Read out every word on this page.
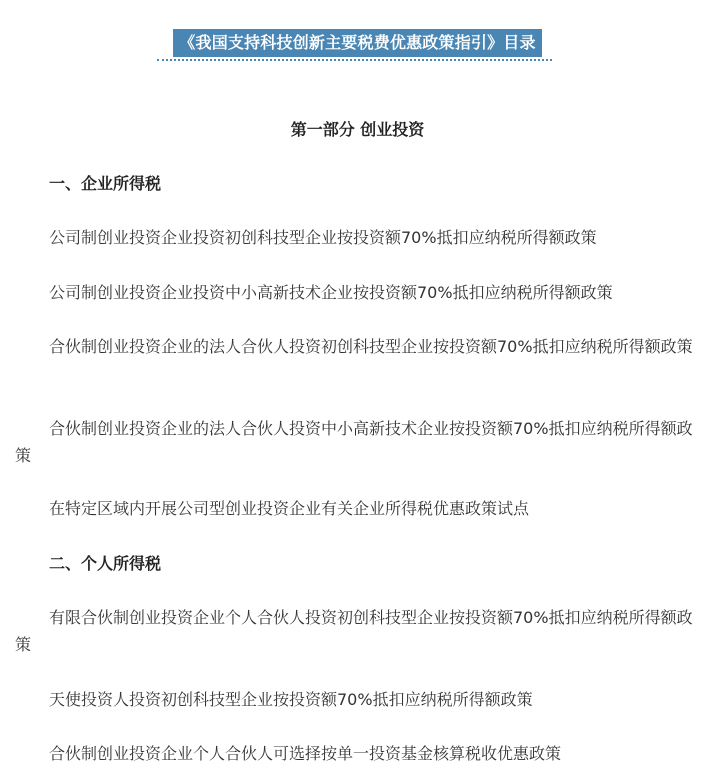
《我国支持科技创新主要税费优惠政策指引》目录
第一部分 创业投资
一、企业所得税
公司制创业投资企业投资初创科技型企业按投资额70%抵扣应纳税所得额政策
公司制创业投资企业投资中小高新技术企业按投资额70%抵扣应纳税所得额政策
合伙制创业投资企业的法人合伙人投资初创科技型企业按投资额70%抵扣应纳税所得额政策
合伙制创业投资企业的法人合伙人投资中小高新技术企业按投资额70%抵扣应纳税所得额政策
在特定区域内开展公司型创业投资企业有关企业所得税优惠政策试点
二、个人所得税
有限合伙制创业投资企业个人合伙人投资初创科技型企业按投资额70%抵扣应纳税所得额政策
天使投资人投资初创科技型企业按投资额70%抵扣应纳税所得额政策
合伙制创业投资企业个人合伙人可选择按单一投资基金核算税收优惠政策
